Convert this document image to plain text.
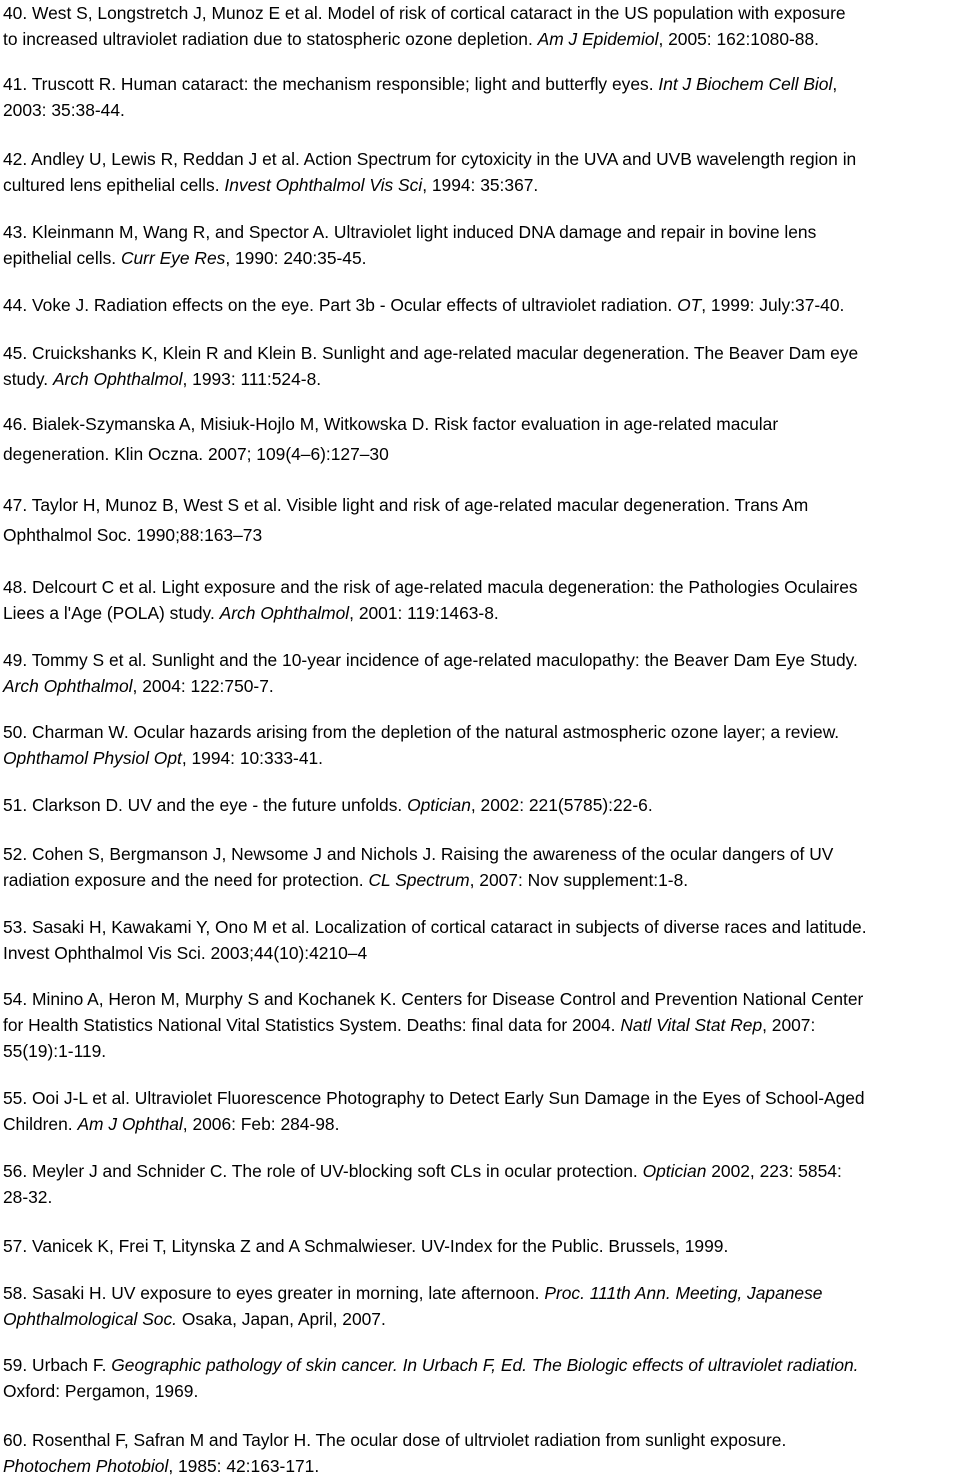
40. West S, Longstretch J, Munoz E et al. Model of risk of cortical cataract in the US population with exposure
to increased ultraviolet radiation due to statospheric ozone depletion. Am J Epidemiol, 2005: 162:1080-88.
41. Truscott R. Human cataract: the mechanism responsible; light and butterfly eyes. Int J Biochem Cell Biol,
2003: 35:38-44.
42. Andley U, Lewis R, Reddan J et al. Action Spectrum for cytoxicity in the UVA and UVB wavelength region in
cultured lens epithelial cells. Invest Ophthalmol Vis Sci, 1994: 35:367.
43. Kleinmann M, Wang R, and Spector A. Ultraviolet light induced DNA damage and repair in bovine lens
epithelial cells. Curr Eye Res, 1990: 240:35-45.
44. Voke J. Radiation effects on the eye. Part 3b - Ocular effects of ultraviolet radiation. OT, 1999: July:37-40.
45. Cruickshanks K, Klein R and Klein B. Sunlight and age-related macular degeneration. The Beaver Dam eye
study. Arch Ophthalmol, 1993: 111:524-8.
46. Bialek-Szymanska A, Misiuk-Hojlo M, Witkowska D. Risk factor evaluation in age-related macular
degeneration. Klin Oczna. 2007; 109(4–6):127–30
47. Taylor H, Munoz B, West S et al. Visible light and risk of age-related macular degeneration. Trans Am
Ophthalmol Soc. 1990;88:163–73
48. Delcourt C et al. Light exposure and the risk of age-related macula degeneration: the Pathologies Oculaires
Liees a l'Age (POLA) study. Arch Ophthalmol, 2001: 119:1463-8.
49. Tommy S et al. Sunlight and the 10-year incidence of age-related maculopathy: the Beaver Dam Eye Study.
Arch Ophthalmol, 2004: 122:750-7.
50. Charman W. Ocular hazards arising from the depletion of the natural astmospheric ozone layer; a review.
Ophthamol Physiol Opt, 1994: 10:333-41.
51. Clarkson D. UV and the eye - the future unfolds. Optician, 2002: 221(5785):22-6.
52. Cohen S, Bergmanson J, Newsome J and Nichols J. Raising the awareness of the ocular dangers of UV
radiation exposure and the need for protection. CL Spectrum, 2007: Nov supplement:1-8.
53. Sasaki H, Kawakami Y, Ono M et al. Localization of cortical cataract in subjects of diverse races and latitude.
Invest Ophthalmol Vis Sci. 2003;44(10):4210–4
54. Minino A, Heron M, Murphy S and Kochanek K. Centers for Disease Control and Prevention National Center
for Health Statistics National Vital Statistics System. Deaths: final data for 2004. Natl Vital Stat Rep, 2007:
55(19):1-119.
55. Ooi J-L et al. Ultraviolet Fluorescence Photography to Detect Early Sun Damage in the Eyes of School-Aged
Children. Am J Ophthal, 2006: Feb: 284-98.
56. Meyler J and Schnider C. The role of UV-blocking soft CLs in ocular protection. Optician 2002, 223: 5854:
28-32.
57. Vanicek K, Frei T, Litynska Z and A Schmalwieser. UV-Index for the Public. Brussels, 1999.
58. Sasaki H. UV exposure to eyes greater in morning, late afternoon. Proc. 111th Ann. Meeting, Japanese
Ophthalmological Soc. Osaka, Japan, April, 2007.
59. Urbach F. Geographic pathology of skin cancer. In Urbach F, Ed. The Biologic effects of ultraviolet radiation.
Oxford: Pergamon, 1969.
60. Rosenthal F, Safran M and Taylor H. The ocular dose of ultrviolet radiation from sunlight exposure.
Photochem Photobiol, 1985: 42:163-171.
